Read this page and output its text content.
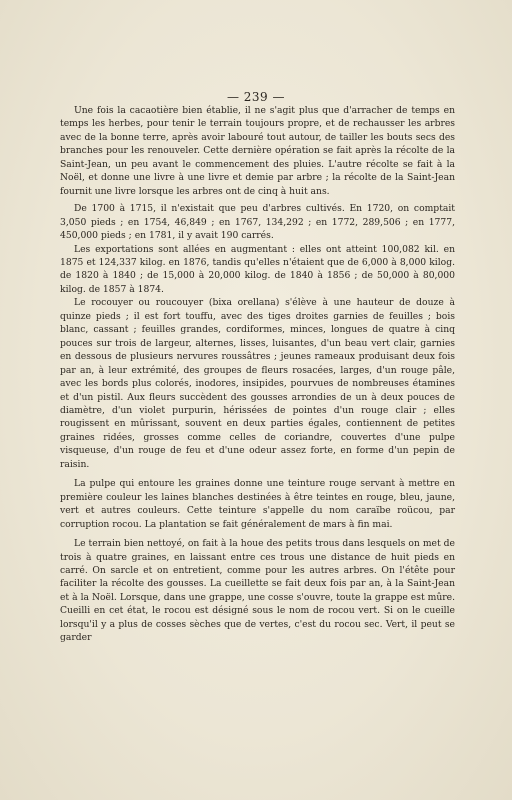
— 239 —

Une fois la cacaotière bien établie, il ne s'agit plus que d'arracher de temps en temps les herbes, pour tenir le terrain toujours propre, et de rechausser les arbres avec de la bonne terre, après avoir labouré tout autour, de tailler les bouts secs des branches pour les renouveler. Cette dernière opération se fait après la récolte de la Saint-Jean, un peu avant le commencement des pluies. L'autre récolte se fait à la Noël, et donne une livre à une livre et demie par arbre ; la récolte de la Saint-Jean fournit une livre lorsque les arbres ont de cinq à huit ans.

De 1700 à 1715, il n'existait que peu d'arbres cultivés. En 1720, on comptait 3,050 pieds ; en 1754, 46,849 ; en 1767, 134,292 ; en 1772, 289,506 ; en 1777, 450,000 pieds ; en 1781, il y avait 190 carrés.

Les exportations sont allées en augmentant : elles ont atteint 100,082 kil. en 1875 et 124,337 kilog. en 1876, tandis qu'elles n'étaient que de 6,000 à 8,000 kilog. de 1820 à 1840 ; de 15,000 à 20,000 kilog. de 1840 à 1856 ; de 50,000 à 80,000 kilog. de 1857 à 1874.

Le rocouyer ou roucouyer (bixa orellana) s'élève à une hauteur de douze à quinze pieds ; il est fort touffu, avec des tiges droites garnies de feuilles ; bois blanc, cassant ; feuilles grandes, cordiformes, minces, longues de quatre à cinq pouces sur trois de largeur, alternes, lisses, luisantes, d'un beau vert clair, garnies en dessous de plusieurs nervures roussâtres ; jeunes rameaux produisant deux fois par an, à leur extrémité, des groupes de fleurs rosacées, larges, d'un rouge pâle, avec les bords plus colorés, inodores, insipides, pourvues de nombreuses étamines et d'un pistil. Aux fleurs succèdent des gousses arrondies de un à deux pouces de diamètre, d'un violet purpurin, hérissées de pointes d'un rouge clair ; elles rougissent en mûrissant, souvent en deux parties égales, contiennent de petites graines ridées, grosses comme celles de coriandre, couvertes d'une pulpe visqueuse, d'un rouge de feu et d'une odeur assez forte, en forme d'un pepin de raisin.

La pulpe qui entoure les graines donne une teinture rouge servant à mettre en première couleur les laines blanches destinées à être teintes en rouge, bleu, jaune, vert et autres couleurs. Cette teinture s'appelle du nom caraïbe roücou, par corruption rocou. La plantation se fait généralement de mars à fin mai.

Le terrain bien nettoyé, on fait à la houe des petits trous dans lesquels on met de trois à quatre graines, en laissant entre ces trous une distance de huit pieds en carré. On sarcle et on entretient, comme pour les autres arbres. On l'étête pour faciliter la récolte des gousses. La cueillette se fait deux fois par an, à la Saint-Jean et à la Noël. Lorsque, dans une grappe, une cosse s'ouvre, toute la grappe est mûre. Cueilli en cet état, le rocou est désigné sous le nom de rocou vert. Si on le cueille lorsqu'il y a plus de cosses sèches que de vertes, c'est du rocou sec. Vert, il peut se garder
